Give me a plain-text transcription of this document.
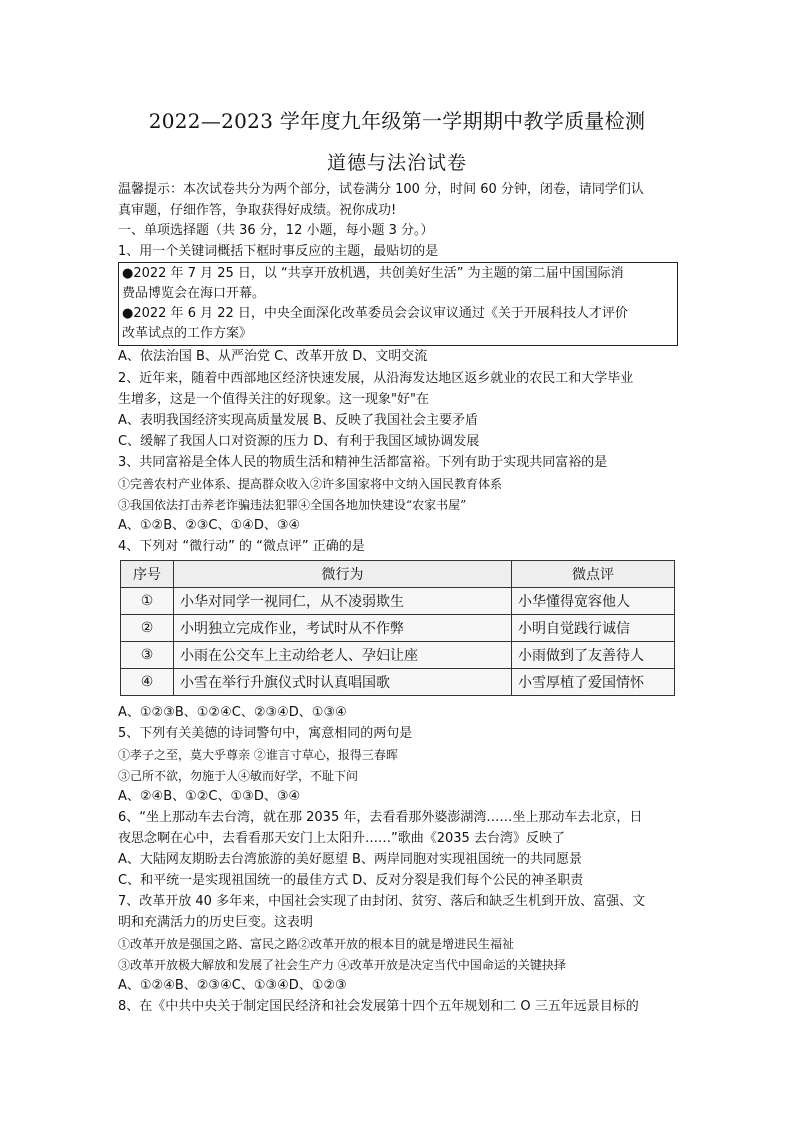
2022—2023 学年度九年级第一学期期中教学质量检测
道德与法治试卷
温馨提示：本次试卷共分为两个部分，试卷满分 100 分，时间 60 分钟，闭卷，请同学们认
真审题，仔细作答，争取获得好成绩。祝你成功!
一、单项选择题（共 36 分，12 小题，每小题 3 分。）
1、用一个关键词概括下框时事反应的主题，最贴切的是
●2022 年 7 月 25 日，以 “共享开放机遇，共创美好生活” 为主题的第二届中国国际消
费品博览会在海口开幕。
●2022 年 6 月 22 日，中央全面深化改革委员会会议审议通过《关于开展科技人才评价
改革试点的工作方案》
A、依法治国 B、从严治党 C、改革开放 D、文明交流
2、近年来，随着中西部地区经济快速发展，从沿海发达地区返乡就业的农民工和大学毕业
生增多，这是一个值得关注的好现象。这一现象"好"在
A、表明我国经济实现高质量发展 B、反映了我国社会主要矛盾
C、缓解了我国人口对资源的压力 D、有利于我国区域协调发展
3、共同富裕是全体人民的物质生活和精神生活都富裕。下列有助于实现共同富裕的是
①完善农村产业体系、提高群众收入②许多国家将中文纳入国民教育体系
③我国依法打击养老诈骗违法犯罪④全国各地加快建设“农家书屋”
A、①②B、②③C、①④D、③④
4、下列对 “微行动” 的 “微点评” 正确的是
序号	微行为	微点评
①	小华对同学一视同仁，从不凌弱欺生	小华懂得宽容他人
②	小明独立完成作业，考试时从不作弊	小明自觉践行诚信
③	小雨在公交车上主动给老人、孕妇让座	小雨做到了友善待人
④	小雪在举行升旗仪式时认真唱国歌	小雪厚植了爱国情怀
A、①②③B、①②④C、②③④D、①③④
5、下列有关美德的诗词警句中，寓意相同的两句是
①孝子之至，莫大乎尊亲 ②谁言寸草心，报得三春晖
③己所不欲，勿施于人④敏而好学，不耻下问
A、②④B、①②C、①③D、③④
6、“坐上那动车去台湾，就在那 2035 年，去看看那外婆澎湖湾……坐上那动车去北京，日
夜思念啊在心中，去看看那天安门上太阳升……”歌曲《2035 去台湾》反映了
A、大陆网友期盼去台湾旅游的美好愿望 B、两岸同胞对实现祖国统一的共同愿景
C、和平统一是实现祖国统一的最佳方式 D、反对分裂是我们每个公民的神圣职责
7、改革开放 40 多年来，中国社会实现了由封闭、贫穷、落后和缺乏生机到开放、富强、文
明和充满活力的历史巨变。这表明
①改革开放是强国之路、富民之路②改革开放的根本目的就是增进民生福祉
③改革开放极大解放和发展了社会生产力 ④改革开放是决定当代中国命运的关键抉择
A、①②④B、②③④C、①③④D、①②③
8、在《中共中央关于制定国民经济和社会发展第十四个五年规划和二 O 三五年远景目标的
